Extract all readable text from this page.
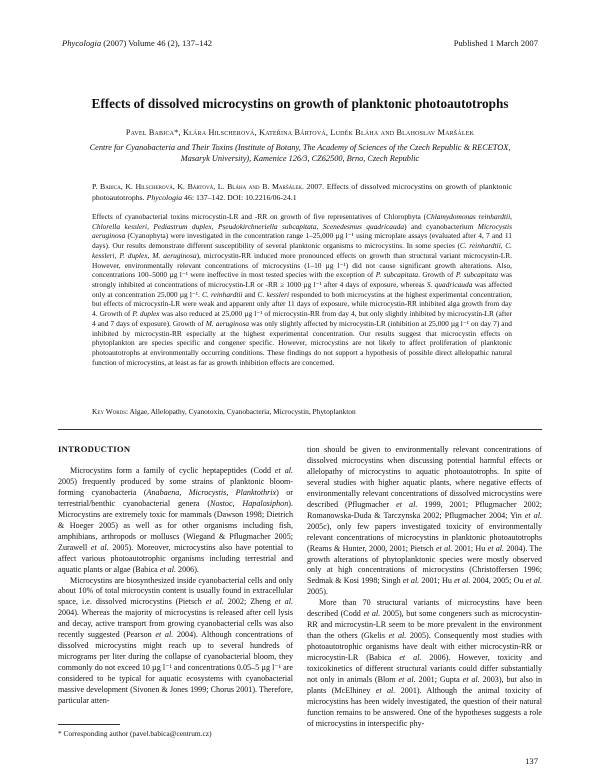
Phycologia (2007) Volume 46 (2), 137–142	Published 1 March 2007
Effects of dissolved microcystins on growth of planktonic photoautotrophs
Pavel Babica*, Klára Hilscherová, Kateřina Bártová, Luděk Bláha and Blahoslav Maršálek
Centre for Cyanobacteria and Their Toxins (Institute of Botany, The Academy of Sciences of the Czech Republic & RECETOX, Masaryk University), Kamenice 126/3, CZ62500, Brno, Czech Republic
P. Babica, K. Hilscherová, K. Bártová, L. Bláha and B. Maršálek. 2007. Effects of dissolved microcystins on growth of planktonic photoautotrophs. Phycologia 46: 137–142. DOI: 10.2216/06-24.1
Effects of cyanobacterial toxins microcystin-LR and -RR on growth of five representatives of Chlorophyta (Chlamydomonas reinhardtii, Chlorella kessleri, Pediastrum duplex, Pseudokirchneriella subcapitata, Scenedesmus quadricauda) and cyanobacterium Microcystis aeruginosa (Cyanophyta) were investigated in the concentration range 1–25,000 µg l⁻¹ using microplate assays (evaluated after 4, 7 and 11 days). Our results demonstrate different susceptibility of several planktonic organisms to microcystins. In some species (C. reinhardtii, C. kessleri, P. duplex, M. aeruginosa), microcystin-RR induced more pronounced effects on growth than structural variant microcystin-LR. However, environmentally relevant concentrations of microcystins (1–10 µg l⁻¹) did not cause significant growth alterations. Also, concentrations 100–5000 µg l⁻¹ were ineffective in most tested species with the exception of P. subcapitata. Growth of P. subcapitata was strongly inhibited at concentrations of microcystin-LR or -RR ≥ 1000 µg l⁻¹ after 4 days of exposure, whereas S. quadricauda was affected only at concentration 25,000 µg l⁻¹. C. reinhardtii and C. kessleri responded to both microcystins at the highest experimental concentration, but effects of microcystin-LR were weak and apparent only after 11 days of exposure, while microcystin-RR inhibited alga growth from day 4. Growth of P. duplex was also reduced at 25,000 µg l⁻¹ of microcystin-RR from day 4, but only slightly inhibited by microcystin-LR (after 4 and 7 days of exposure). Growth of M. aeruginosa was only slightly affected by microcystin-LR (inhibition at 25,000 µg l⁻¹ on day 7) and inhibited by microcystin-RR especially at the highest experimental concentration. Our results suggest that microcystin effects on phytoplankton are species specific and congener specific. However, microcystins are not likely to affect proliferation of planktonic photoautotrophs at environmentally occurring conditions. These findings do not support a hypothesis of possible direct allelopathic natural function of microcystins, at least as far as growth inhibition effects are concerned.
Key Words: Algae, Allelopathy, Cyanotoxin, Cyanobacteria, Microcystin, Phytoplankton
INTRODUCTION

Microcystins form a family of cyclic heptapeptides (Codd et al. 2005) frequently produced by some strains of planktonic bloom-forming cyanobacteria (Anabaena, Microcystis, Planktothrix) or terrestrial/benthic cyanobacterial genera (Nostoc, Hapalosiphon). Microcystins are extremely toxic for mammals (Dawson 1998; Dietrich & Hoeger 2005) as well as for other organisms including fish, amphibians, arthropods or molluscs (Wiegand & Pflugmacher 2005; Zurawell et al. 2005). Moreover, microcystins also have potential to affect various photoautotrophic organisms including terrestrial and aquatic plants or algae (Babica et al. 2006).

Microcystins are biosynthesized inside cyanobacterial cells and only about 10% of total microcystin content is usually found in extracellular space, i.e. dissolved microcystins (Pietsch et al. 2002; Zheng et al. 2004). Whereas the majority of microcystins is released after cell lysis and decay, active transport from growing cyanobacterial cells was also recently suggested (Pearson et al. 2004). Although concentrations of dissolved microcystins might reach up to several hundreds of micrograms per liter during the collapse of cyanobacterial bloom, they commonly do not exceed 10 µg l⁻¹ and concentrations 0.05–5 µg l⁻¹ are considered to be typical for aquatic ecosystems with cyanobacterial massive development (Sivonen & Jones 1999; Chorus 2001). Therefore, particular atten-

tion should be given to environmentally relevant concentrations of dissolved microcystins when discussing potential harmful effects or allelopathy of microcystins to aquatic photoautotrophs. In spite of several studies with higher aquatic plants, where negative effects of environmentally relevant concentrations of dissolved microcystins were described (Pflugmacher et al. 1999, 2001; Pflugmacher 2002; Romanowska-Duda & Tarczynska 2002; Pflugmacher 2004; Yin et al. 2005c), only few papers investigated toxicity of environmentally relevant concentrations of microcystins in planktonic photoautotrophs (Reams & Hunter, 2000, 2001; Pietsch et al. 2001; Hu et al. 2004). The growth alterations of phytoplanktonic species were mostly observed only at high concentrations of microcystins (Christoffersen 1996; Sedmak & Kosi 1998; Singh et al. 2001; Hu et al. 2004, 2005; Ou et al. 2005).

More than 70 structural variants of microcystins have been described (Codd et al. 2005), but some congeners such as microcystin-RR and microcystin-LR seem to be more prevalent in the environment than the others (Gkelis et al. 2005). Consequently most studies with photoautotrophic organisms have dealt with either microcystin-RR or microcystin-LR (Babica et al. 2006). However, toxicity and toxicokinetics of different structural variants could differ substantially not only in animals (Blom et al. 2001; Gupta et al. 2003), but also in plants (McElhiney et al. 2001). Although the animal toxicity of microcystins has been widely investigated, the question of their natural function remains to be answered. One of the hypotheses suggests a role of microcystins in interspecific phy-

* Corresponding author (pavel.babica@centrum.cz)
137
